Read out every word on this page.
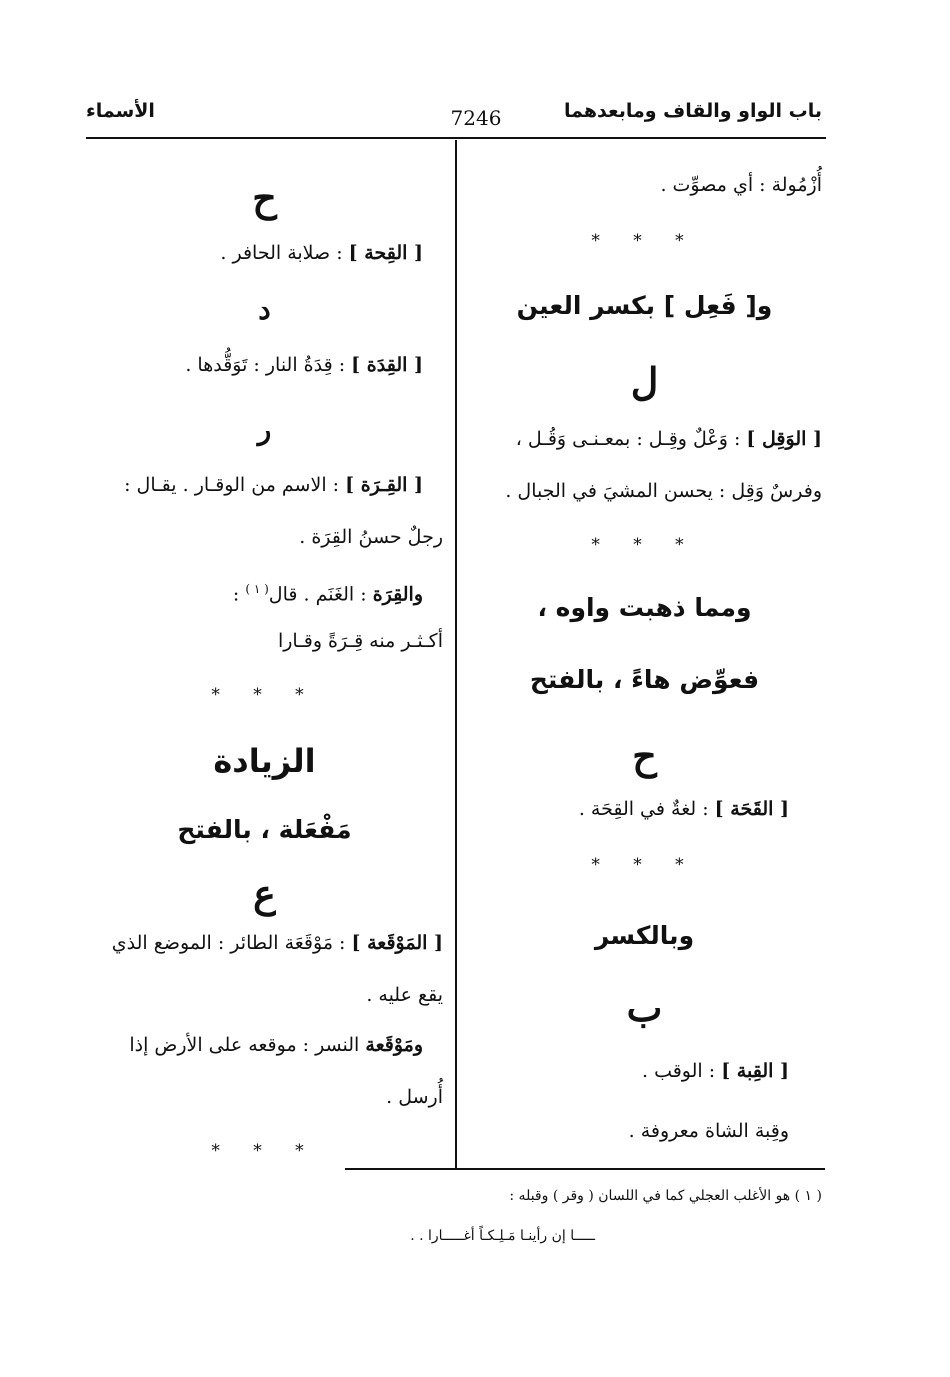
باب الواو والقاف ومابعدهما
7246
الأسماء
أُزْمُولة : أي مصوِّت .
* * *
و[ فَعِل ] بكسر العين
ل
[ الوَقِل ] : وَعْلٌ وقِـل : بمعـنـى وَقُـل ،
وفرسٌ وَقِل : يحسن المشيَ في الجبال .
* * *
ومما ذهبت واوه ،
فعوِّض هاءً ، بالفتح
ح
[ القَحَة ] : لغةٌ في القِحَة .
* * *
وبالكسر
ب
[ القِبة ] : الوقب .
وقِبة الشاة معروفة .
ح
[ القِحة ] : صلابة الحافر .
د
[ القِدَة ] : قِدَةُ النار : تَوَقُّدها .
ر
[ القِـرَة ] : الاسم من الوقـار . يقـال :
رجلٌ حسنُ القِرَة .
والقِرَة : الغَنَم . قال$^{( ١ )}$ :
أكـثـر منه قِـرَةً وقـارا
* * *
الزيادة
مَفْعَلة ، بالفتح
ع
[ المَوْقَعة ] : مَوْقَعَة الطائر : الموضع الذي
يقع عليه .
ومَوْقَعة النسر : موقعه على الأرض إذا
أُرسل .
* * *
( ١ ) هو الأغلب العجلي كما في اللسان ( وقر ) وقبله :
ـــــا إن رأينـا مَـلِـكـاً أغـــــارا . .
